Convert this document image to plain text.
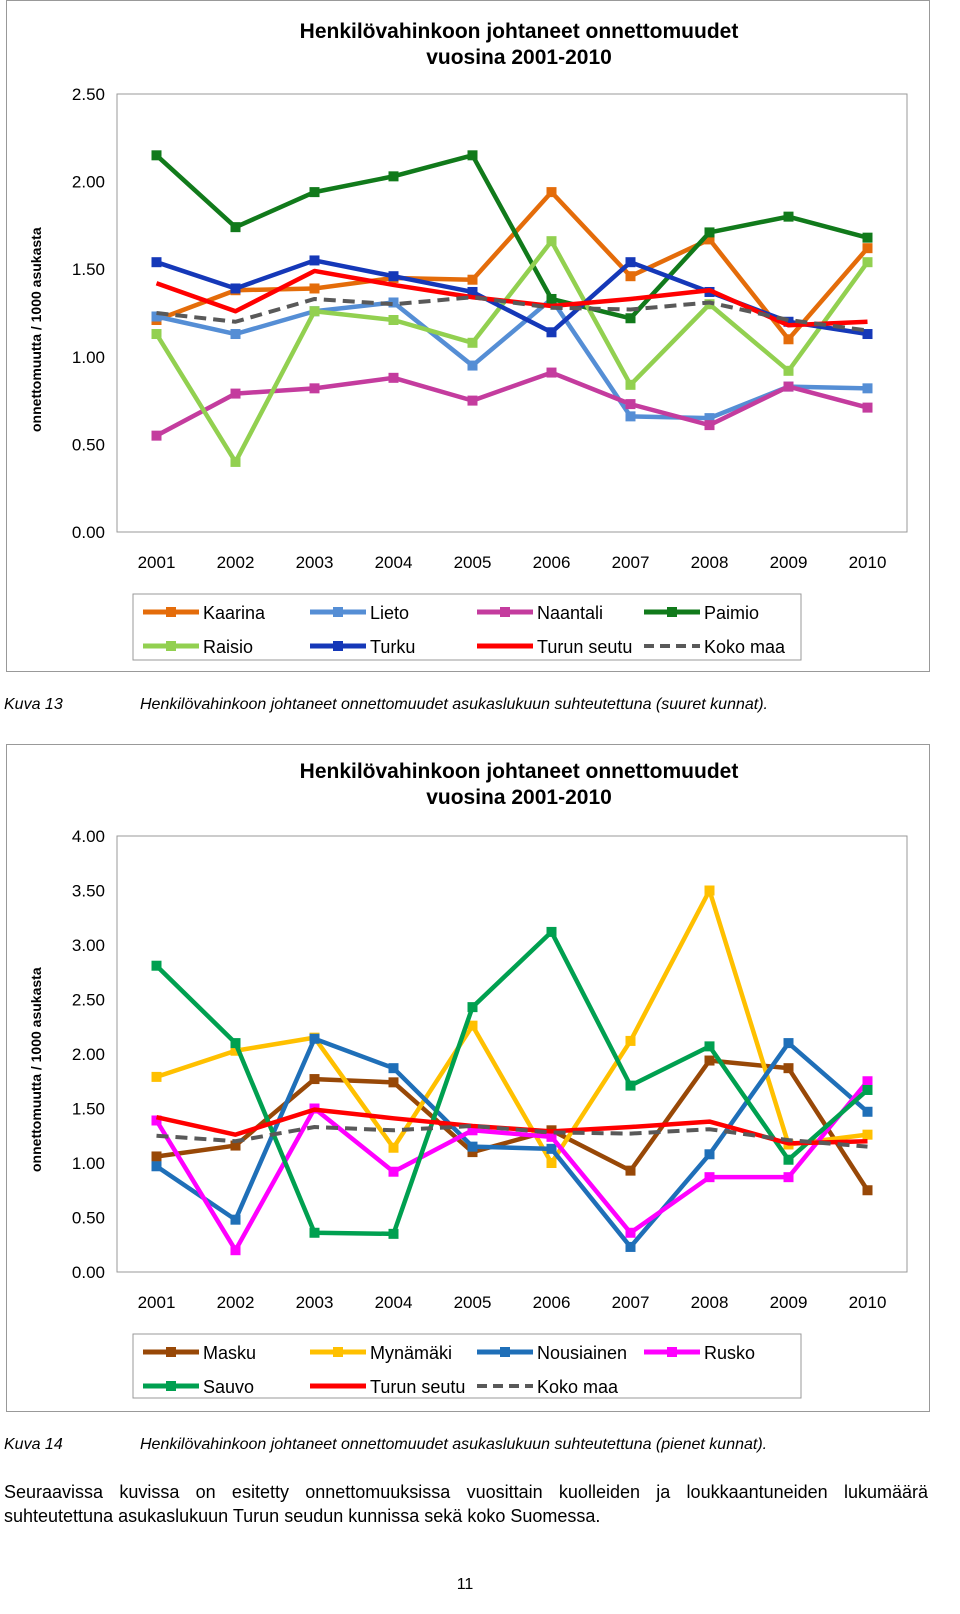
Henkilövahinkoon johtaneet onnettomuudet
vuosina 2001-2010
onnettomuutta / 1000 asukasta
0.00
0.50
1.00
1.50
2.00
2.50
2001 2002 2003 2004 2005 2006 2007 2008 2009 2010
Kaarina	Lieto	Naantali	Paimio
Raisio	Turku	Turun seutu	Koko maa
Kuva 13	Henkilövahinkoon johtaneet onnettomuudet asukaslukuun suhteutettuna (suuret kunnat).
Henkilövahinkoon johtaneet onnettomuudet
vuosina 2001-2010
onnettomuutta / 1000 asukasta
0.00
0.50
1.00
1.50
2.00
2.50
3.00
3.50
4.00
2001 2002 2003 2004 2005 2006 2007 2008 2009 2010
Masku	Mynämäki	Nousiainen	Rusko
Sauvo	Turun seutu	Koko maa
Kuva 14	Henkilövahinkoon johtaneet onnettomuudet asukaslukuun suhteutettuna (pienet kunnat).
Seuraavissa kuvissa on esitetty onnettomuuksissa vuosittain kuolleiden ja loukkaantuneiden lukumäärä suhteutettuna asukaslukuun Turun seudun kunnissa sekä koko Suomessa.
11
